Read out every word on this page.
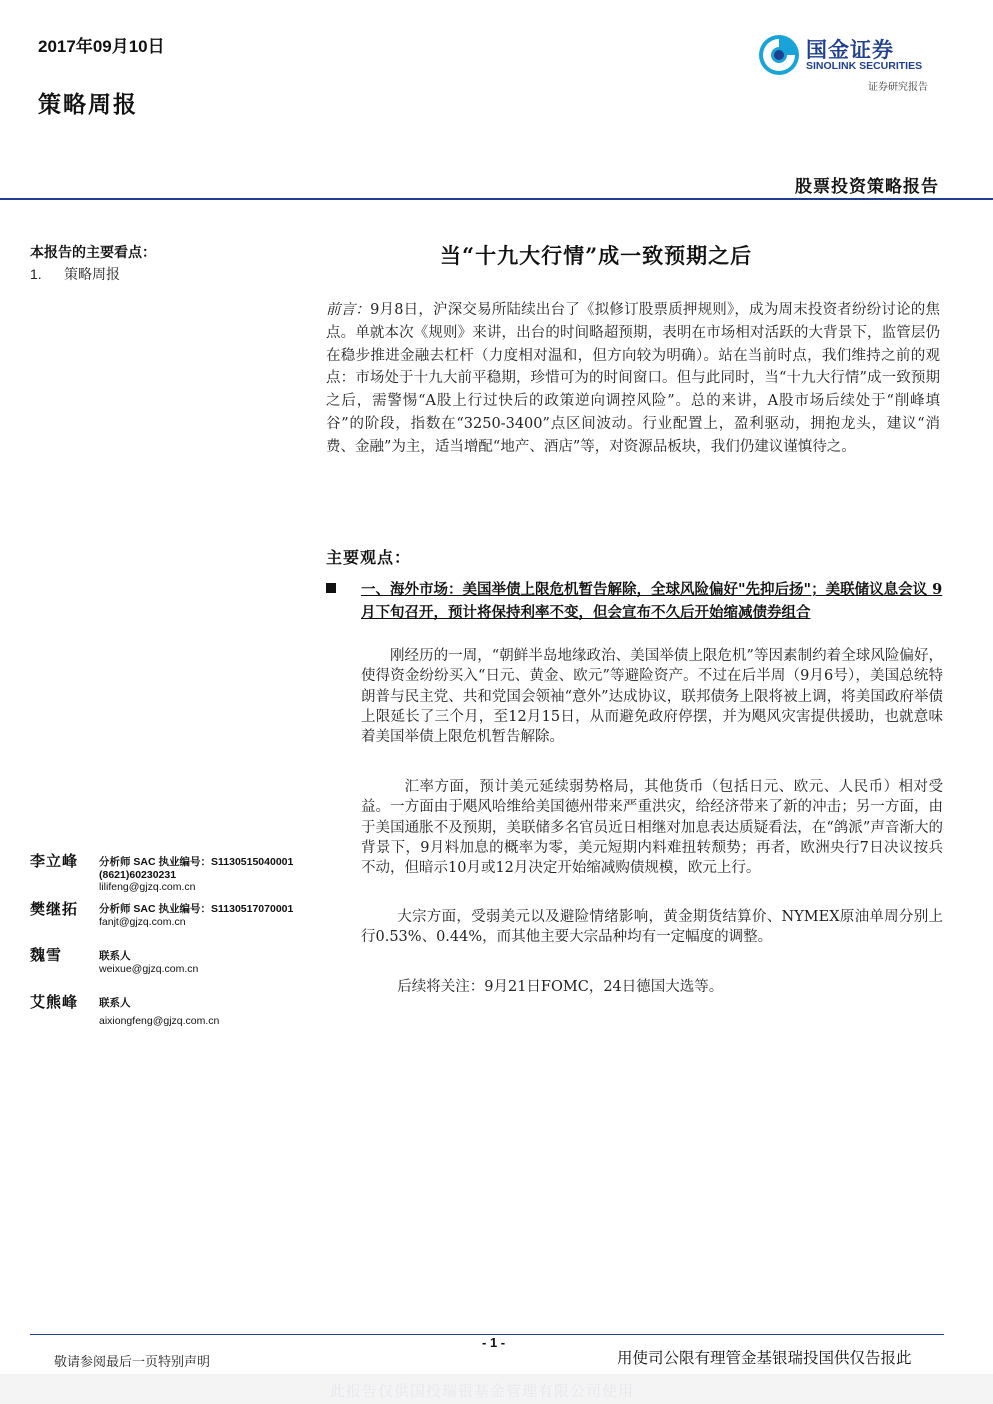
2017年09月10日
策略周报
国金证券
SINOLINK SECURITIES
证券研究报告
股票投资策略报告
本报告的主要看点：
1. 策略周报
李立峰 分析师 SAC 执业编号：S1130515040001
(8621)60230231
lilifeng@gjzq.com.cn
樊继拓 分析师 SAC 执业编号：S1130517070001
fanjt@gjzq.com.cn
魏雪	联系人
weixue@gjzq.com.cn
艾熊峰 联系人
aixiongfeng@gjzq.com.cn
当“十九大行情”成一致预期之后
前言：9月8日，沪深交易所陆续出台了《拟修订股票质押规则》，成为周末投资者纷纷讨论的焦点。单就本次《规则》来讲，出台的时间略超预期，表明在市场相对活跃的大背景下，监管层仍在稳步推进金融去杠杆（力度相对温和，但方向较为明确）。站在当前时点，我们维持之前的观点：市场处于十九大前平稳期，珍惜可为的时间窗口。但与此同时，当“十九大行情”成一致预期之后，需警惕“A股上行过快后的政策逆向调控风险”。总的来讲，A股市场后续处于“削峰填谷”的阶段，指数在“3250-3400”点区间波动。行业配置上，盈利驱动，拥抱龙头，建议“消费、金融”为主，适当增配“地产、酒店”等，对资源品板块，我们仍建议谨慎待之。
主要观点：
一、海外市场：美国举债上限危机暂告解除，全球风险偏好"先抑后扬"；美联储议息会议 9月下旬召开，预计将保持利率不变，但会宣布不久后开始缩减债券组合
刚经历的一周，“朝鲜半岛地缘政治、美国举债上限危机”等因素制约着全球风险偏好，使得资金纷纷买入“日元、黄金、欧元”等避险资产。不过在后半周（9月6号），美国总统特朗普与民主党、共和党国会领袖“意外”达成协议，联邦债务上限将被上调，将美国政府举债上限延长了三个月，至12月15日，从而避免政府停摆，并为飓风灾害提供援助，也就意味着美国举债上限危机暂告解除。
汇率方面，预计美元延续弱势格局，其他货币（包括日元、欧元、人民币）相对受益。一方面由于飓风哈维给美国德州带来严重洪灾，给经济带来了新的冲击；另一方面，由于美国通胀不及预期，美联储多名官员近日相继对加息表达质疑看法，在“鸽派”声音渐大的背景下，9月料加息的概率为零，美元短期内料难扭转颓势；再者，欧洲央行7日决议按兵不动，但暗示10月或12月决定开始缩减购债规模，欧元上行。
大宗方面，受弱美元以及避险情绪影响，黄金期货结算价、NYMEX原油单周分别上行0.53%、0.44%，而其他主要大宗品种均有一定幅度的调整。
后续将关注：9月21日FOMC，24日德国大选等。
- 1 -
敬请参阅最后一页特别声明	用使司公限有理管金基银瑞投国供仅告报此
此报告仅供国投瑞银基金管理有限公司使用
